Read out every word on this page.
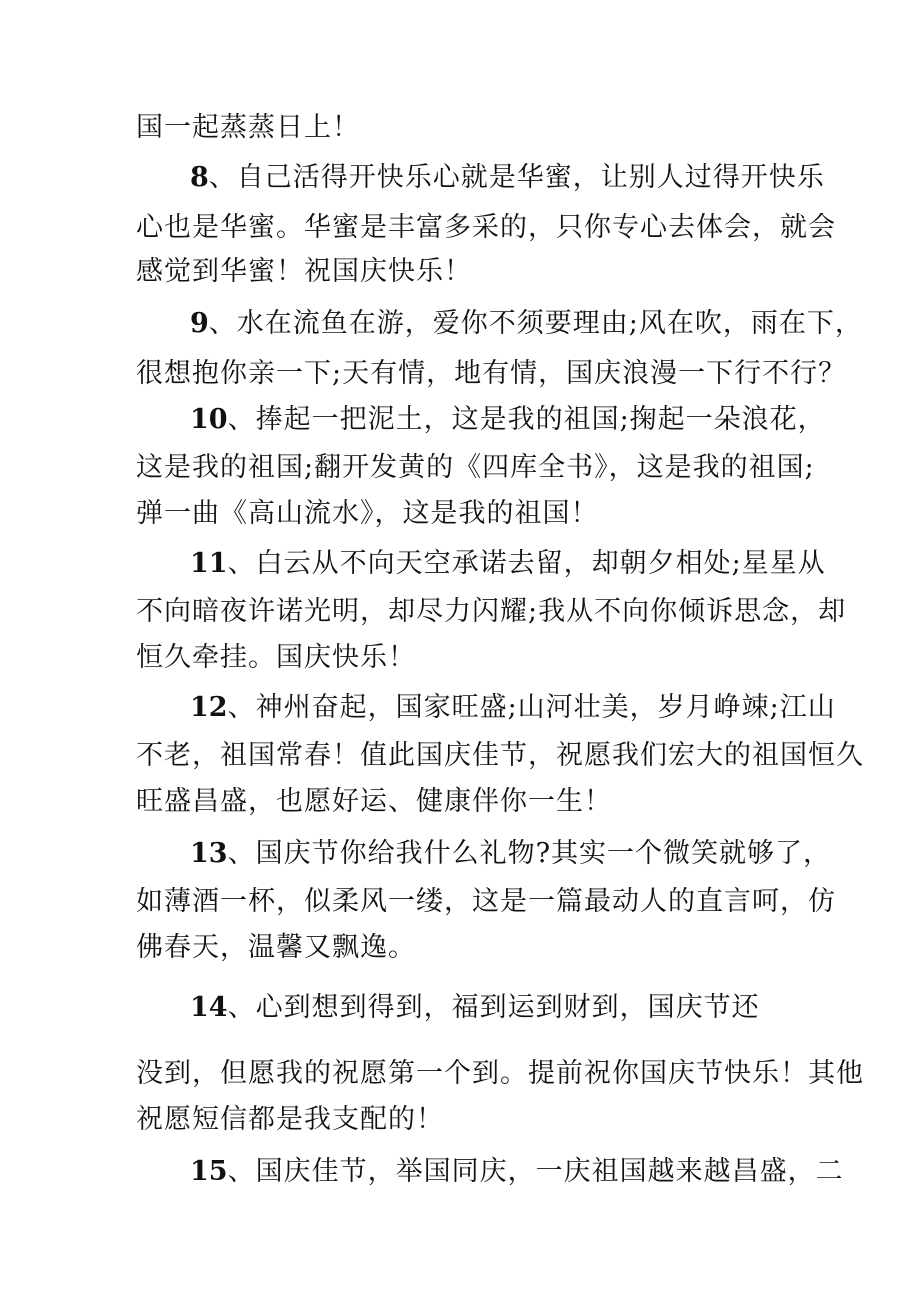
国一起蒸蒸日上！
8、自己活得开快乐心就是华蜜，让别人过得开快乐
心也是华蜜。华蜜是丰富多采的，只你专心去体会，就会
感觉到华蜜！祝国庆快乐！
9、水在流鱼在游，爱你不须要理由;风在吹，雨在下，
很想抱你亲一下;天有情，地有情，国庆浪漫一下行不行？
10、捧起一把泥土，这是我的祖国;掬起一朵浪花，
这是我的祖国;翻开发黄的《四库全书》，这是我的祖国;
弹一曲《高山流水》，这是我的祖国！
11、白云从不向天空承诺去留，却朝夕相处;星星从
不向暗夜许诺光明，却尽力闪耀;我从不向你倾诉思念，却
恒久牵挂。国庆快乐！
12、神州奋起，国家旺盛;山河壮美，岁月峥竦;江山
不老，祖国常春！值此国庆佳节，祝愿我们宏大的祖国恒久
旺盛昌盛，也愿好运、健康伴你一生！
13、国庆节你给我什么礼物?其实一个微笑就够了，
如薄酒一杯，似柔风一缕，这是一篇最动人的直言呵，仿
佛春天，温馨又飘逸。
14、心到想到得到，福到运到财到，国庆节还
没到，但愿我的祝愿第一个到。提前祝你国庆节快乐！其他
祝愿短信都是我支配的！
15、国庆佳节，举国同庆，一庆祖国越来越昌盛，二
